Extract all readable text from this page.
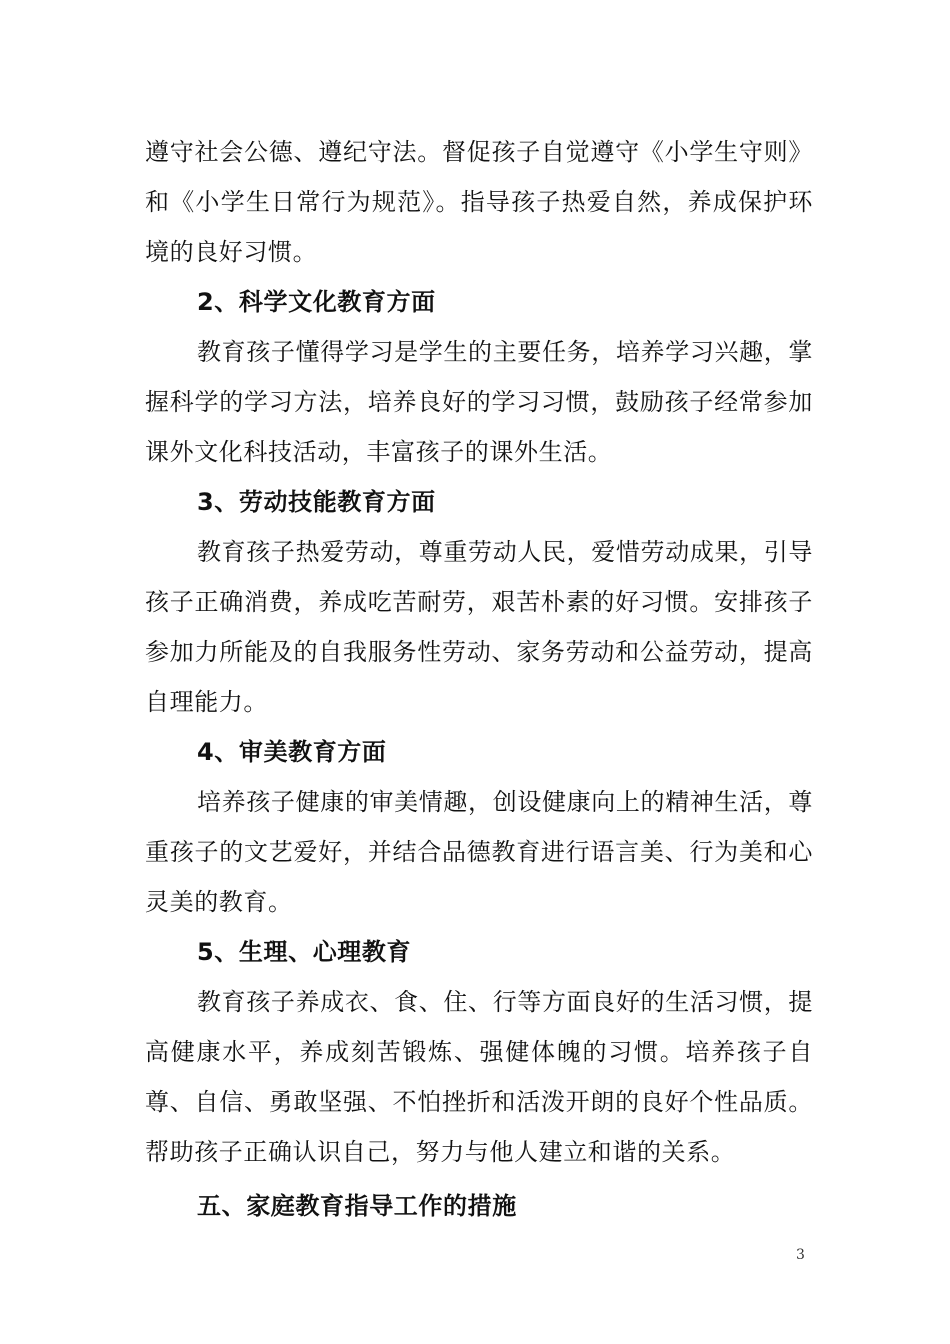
遵守社会公德、遵纪守法。督促孩子自觉遵守《小学生守则》和《小学生日常行为规范》。指导孩子热爱自然，养成保护环境的良好习惯。

2、科学文化教育方面

教育孩子懂得学习是学生的主要任务，培养学习兴趣，掌握科学的学习方法，培养良好的学习习惯，鼓励孩子经常参加课外文化科技活动，丰富孩子的课外生活。

3、劳动技能教育方面

教育孩子热爱劳动，尊重劳动人民，爱惜劳动成果，引导孩子正确消费，养成吃苦耐劳，艰苦朴素的好习惯。安排孩子参加力所能及的自我服务性劳动、家务劳动和公益劳动，提高自理能力。

4、审美教育方面

培养孩子健康的审美情趣，创设健康向上的精神生活，尊重孩子的文艺爱好，并结合品德教育进行语言美、行为美和心灵美的教育。

5、生理、心理教育

教育孩子养成衣、食、住、行等方面良好的生活习惯，提高健康水平，养成刻苦锻炼、强健体魄的习惯。培养孩子自尊、自信、勇敢坚强、不怕挫折和活泼开朗的良好个性品质。帮助孩子正确认识自己，努力与他人建立和谐的关系。

五、家庭教育指导工作的措施

3
